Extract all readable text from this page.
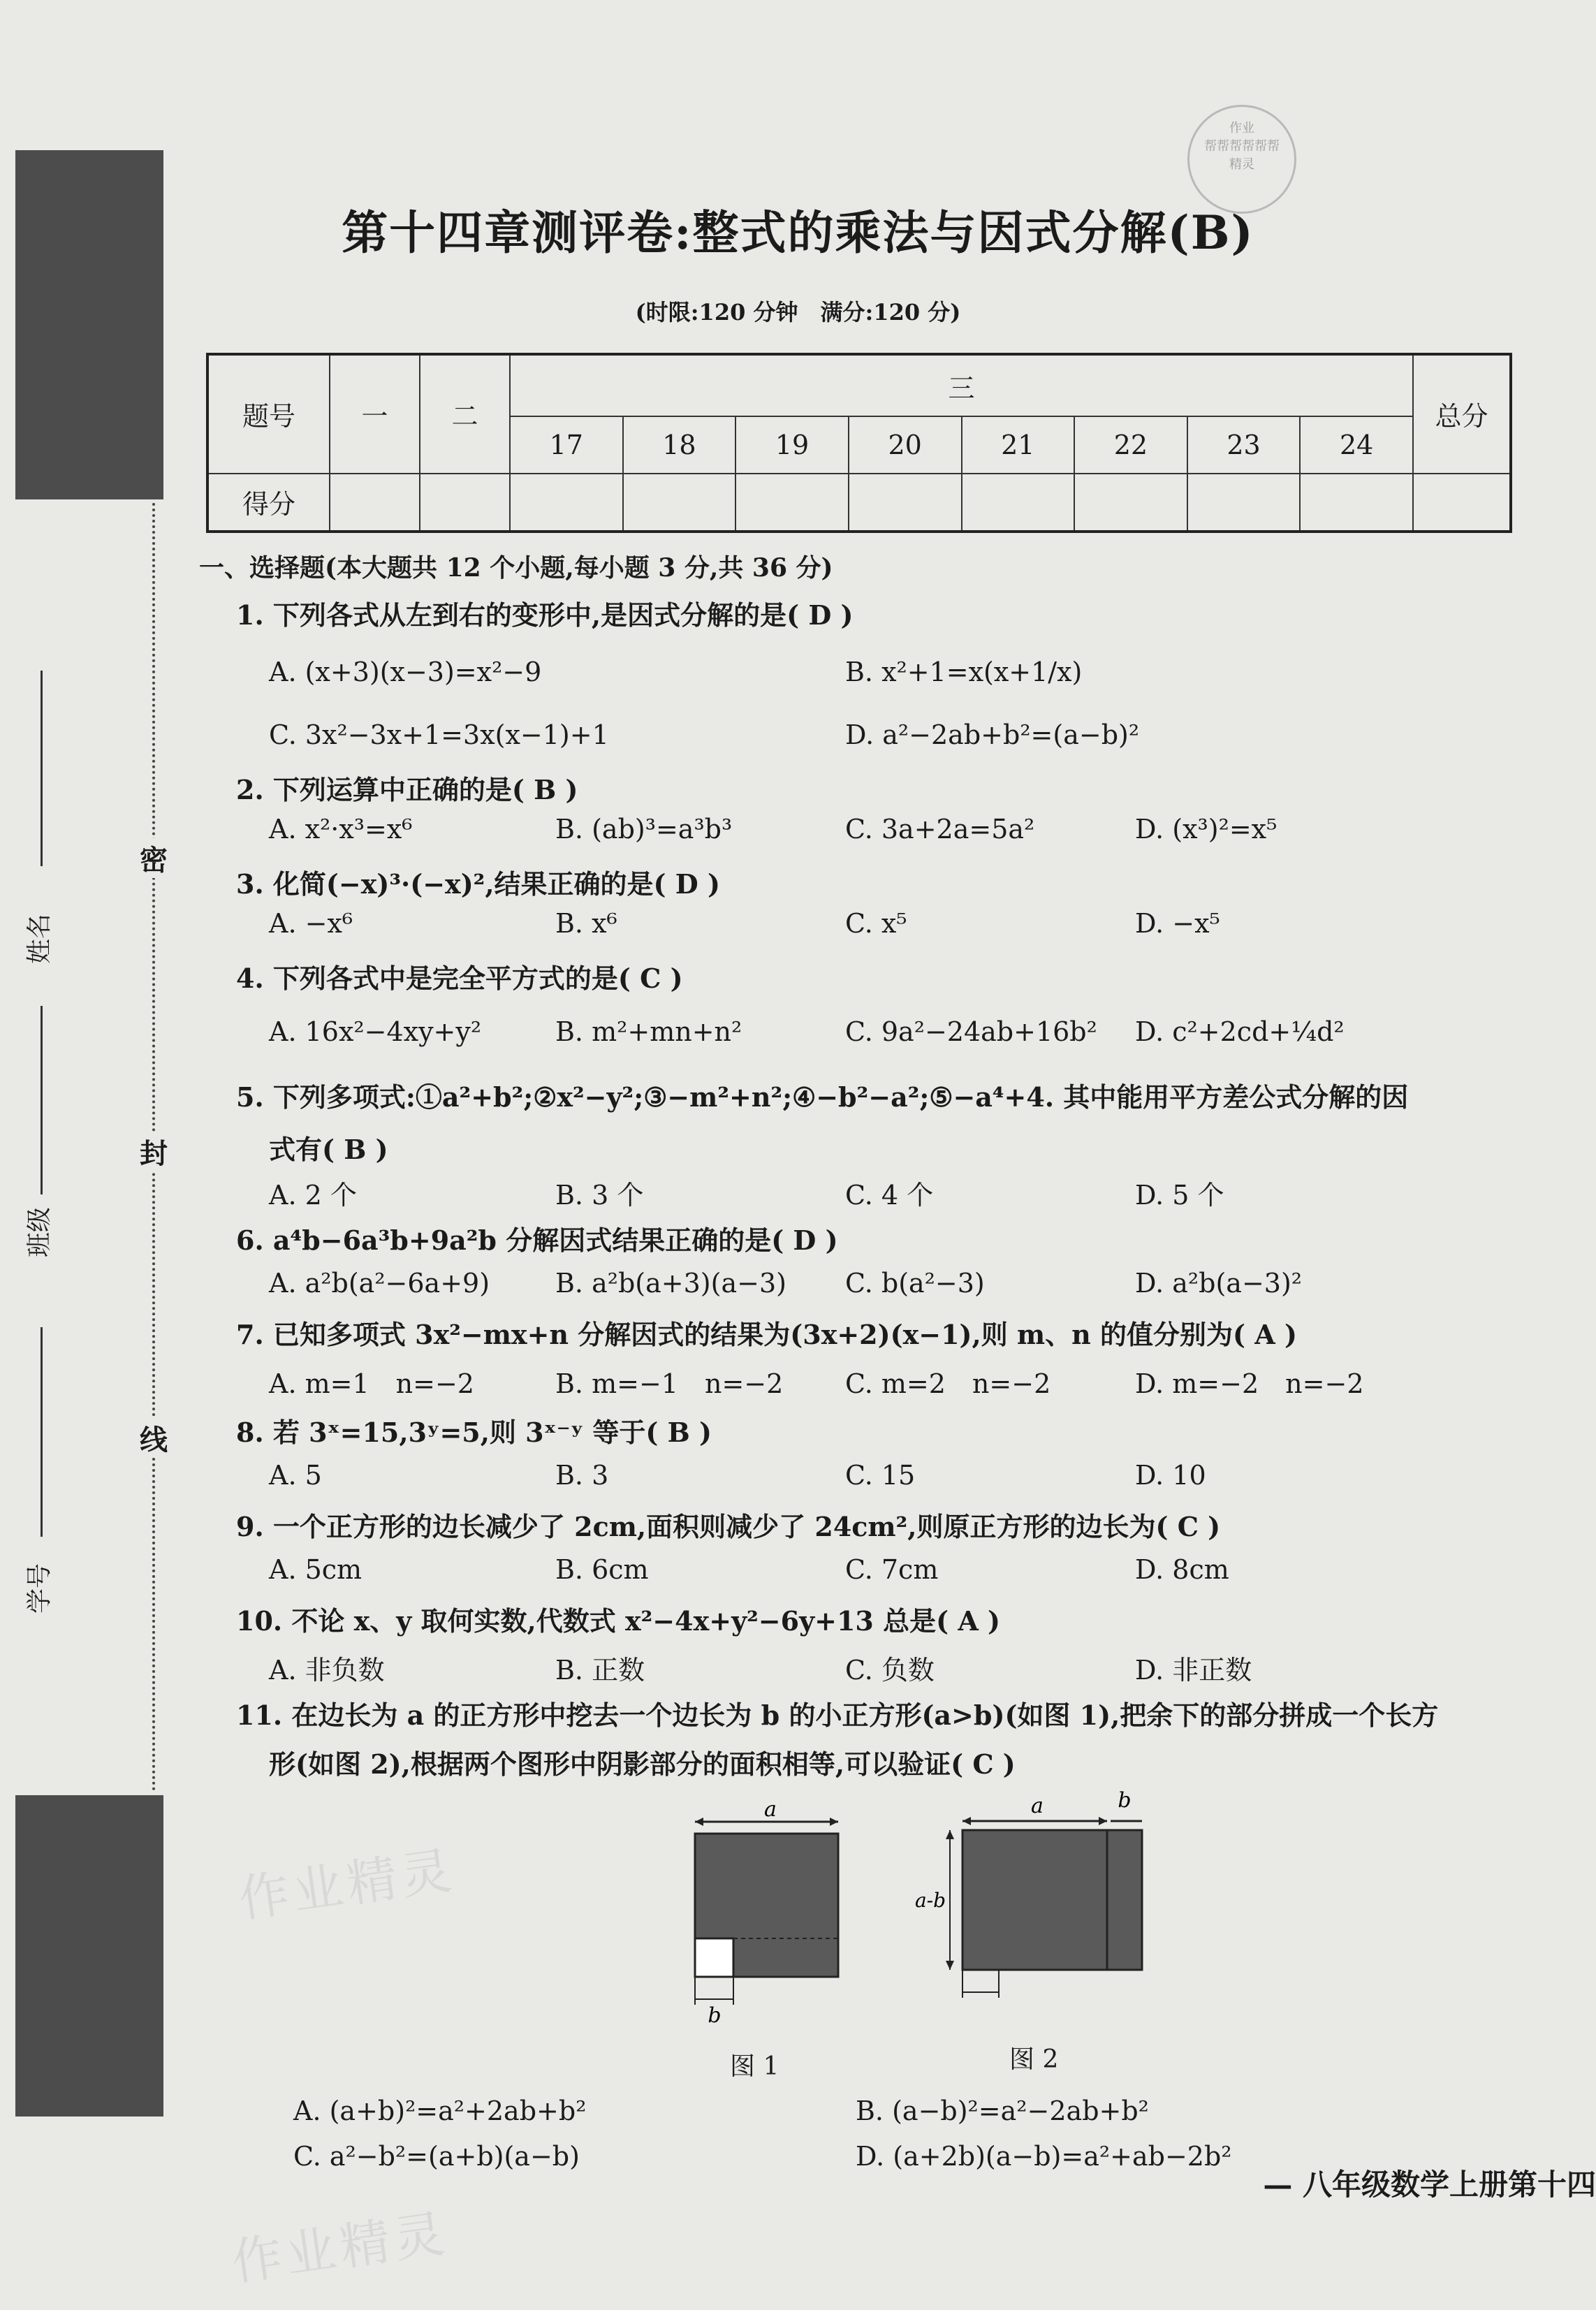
密
封
线
姓名
班级
学号
作业
帮帮帮帮帮帮
精灵
第十四章测评卷:整式的乘法与因式分解(B)
(时限:120 分钟　满分:120 分)
题号	一	二	三								总分
			17	18	19	20	21	22	23	24	
得分											
一、选择题(本大题共 12 个小题,每小题 3 分,共 36 分)
1. 下列各式从左到右的变形中,是因式分解的是( D )
A. (x+3)(x−3)=x²−9	B. x²+1=x(x+1/x)
C. 3x²−3x+1=3x(x−1)+1	D. a²−2ab+b²=(a−b)²
2. 下列运算中正确的是( B )
A. x²·x³=x⁶	B. (ab)³=a³b³	C. 3a+2a=5a²	D. (x³)²=x⁵
3. 化简(−x)³·(−x)²,结果正确的是( D )
A. −x⁶	B. x⁶	C. x⁵	D. −x⁵
4. 下列各式中是完全平方式的是( C )
A. 16x²−4xy+y²	B. m²+mn+n²	C. 9a²−24ab+16b² D. c²+2cd+¼d²
5. 下列多项式:①a²+b²;②x²−y²;③−m²+n²;④−b²−a²;⑤−a⁴+4. 其中能用平方差公式分解的因
式有( B )
A. 2 个	B. 3 个	C. 4 个	D. 5 个
6. a⁴b−6a³b+9a²b 分解因式结果正确的是( D )
A. a²b(a²−6a+9) B. a²b(a+3)(a−3) C. b(a²−3)	D. a²b(a−3)²
7. 已知多项式 3x²−mx+n 分解因式的结果为(3x+2)(x−1),则 m、n 的值分别为( A )
A. m=1　n=−2	B. m=−1　n=−2 C. m=2　n=−2	D. m=−2　n=−2
8. 若 3ˣ=15,3ʸ=5,则 3ˣ⁻ʸ 等于( B )
A. 5	B. 3	C. 15	D. 10
9. 一个正方形的边长减少了 2cm,面积则减少了 24cm²,则原正方形的边长为( C )
A. 5cm	B. 6cm	C. 7cm	D. 8cm
10. 不论 x、y 取何实数,代数式 x²−4x+y²−6y+13 总是( A )
A. 非负数	B. 正数	C. 负数	D. 非正数
11. 在边长为 a 的正方形中挖去一个边长为 b 的小正方形(a>b)(如图 1),把余下的部分拼成一个长方
形(如图 2),根据两个图形中阴影部分的面积相等,可以验证( C )
a
b
图 1
b
a
a-b
图 2
A. (a+b)²=a²+2ab+b²	B. (a−b)²=a²−2ab+b²
C. a²−b²=(a+b)(a−b)	D. (a+2b)(a−b)=a²+ab−2b²
作业精灵
作业精灵
— 八年级数学上册第十四
